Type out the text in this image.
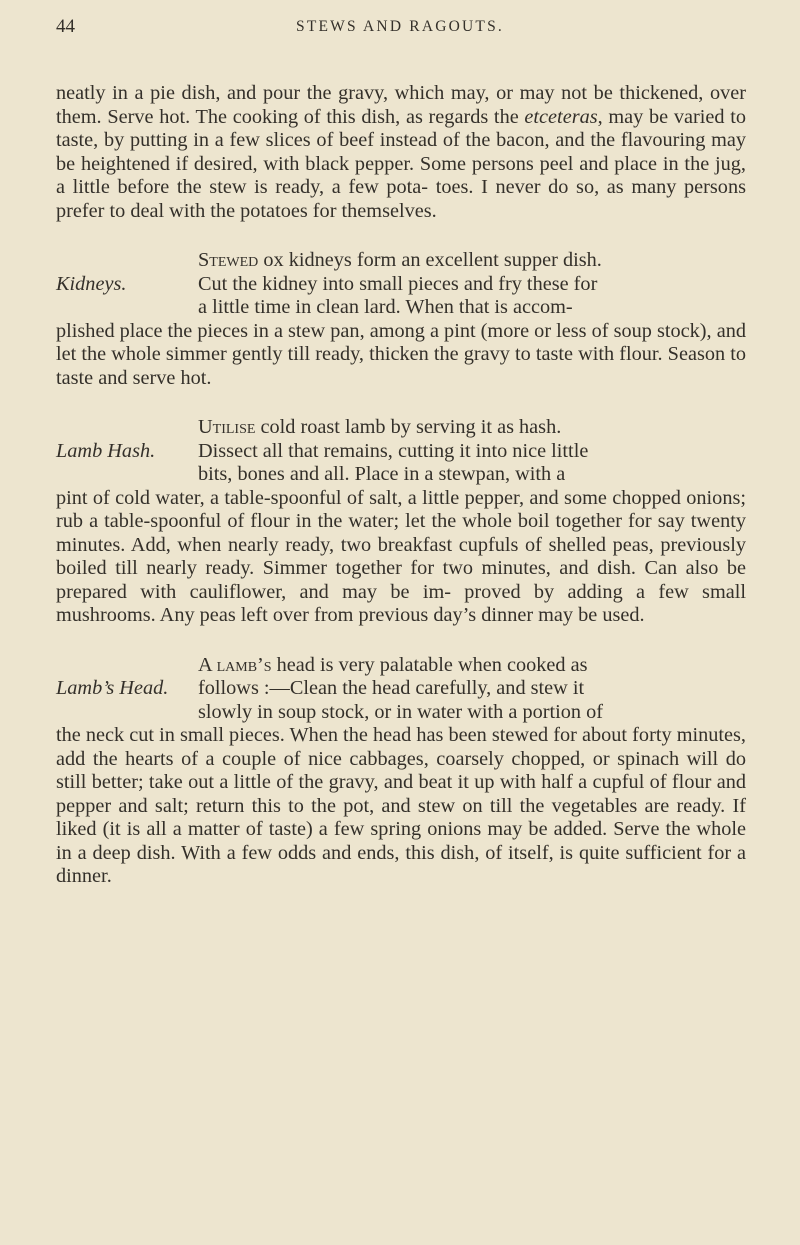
44	STEWS AND RAGOUTS.

neatly in a pie dish, and pour the gravy, which may, or may not be thickened, over them. Serve hot. The cooking of this dish, as regards the etceteras, may be varied to taste, by putting in a few slices of beef instead of the bacon, and the flavouring may be heightened if desired, with black pepper. Some persons peel and place in the jug, a little before the stew is ready, a few pota- toes. I never do so, as many persons prefer to deal with the potatoes for themselves.

Stewed ox kidneys form an excellent supper dish.

Kidneys.	Cut the kidney into small pieces and fry these for

a little time in clean lard. When that is accom-

plished place the pieces in a stew pan, among a pint (more or less of soup stock), and let the whole simmer gently till ready, thicken the gravy to taste with flour. Season to taste and serve hot.

Utilise cold roast lamb by serving it as hash.

Lamb Hash.	Dissect all that remains, cutting it into nice little

bits, bones and all. Place in a stewpan, with a

pint of cold water, a table-spoonful of salt, a little pepper, and some chopped onions; rub a table-spoonful of flour in the water; let the whole boil together for say twenty minutes. Add, when nearly ready, two breakfast cupfuls of shelled peas, previously boiled till nearly ready. Simmer together for two minutes, and dish. Can also be prepared with cauliflower, and may be im- proved by adding a few small mushrooms. Any peas left over from previous day’s dinner may be used.

A lamb’s head is very palatable when cooked as

Lamb’s Head.	follows :—Clean the head carefully, and stew it

slowly in soup stock, or in water with a portion of

the neck cut in small pieces. When the head has been stewed for about forty minutes, add the hearts of a couple of nice cabbages, coarsely chopped, or spinach will do still better; take out a little of the gravy, and beat it up with half a cupful of flour and pepper and salt; return this to the pot, and stew on till the vegetables are ready. If liked (it is all a matter of taste) a few spring onions may be added. Serve the whole in a deep dish. With a few odds and ends, this dish, of itself, is quite sufficient for a dinner.
